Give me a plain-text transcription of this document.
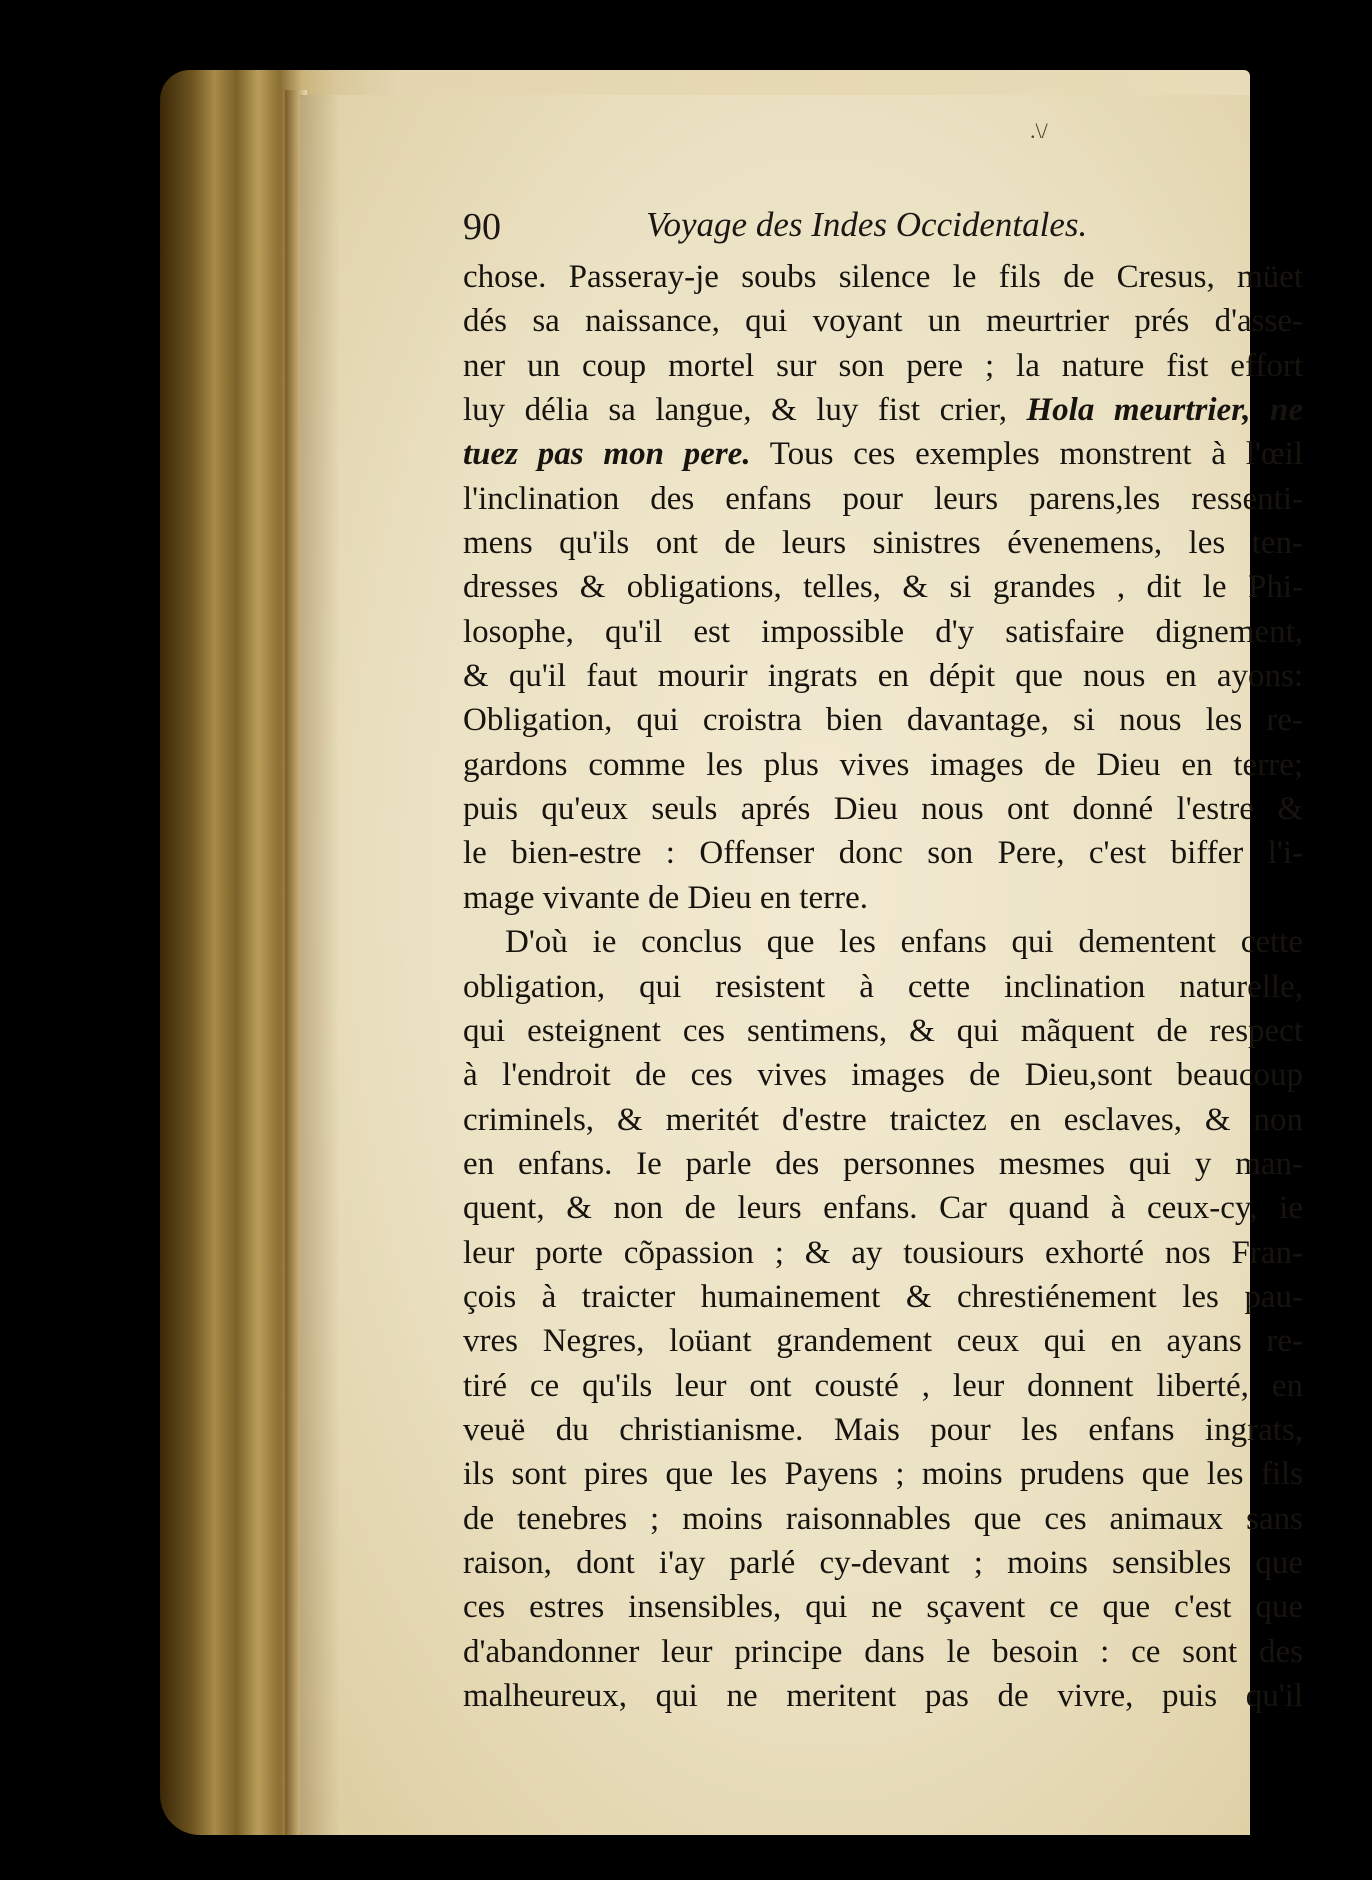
.\/
90	Voyage des Indes Occidentales.
chose. Passeray-je soubs silence le fils de Cresus, müet
dés sa naissance, qui voyant un meurtrier prés d'asse-
ner un coup mortel sur son pere ; la nature fist effort
luy délia sa langue, & luy fist crier, Hola meurtrier, ne
tuez pas mon pere. Tous ces exemples monstrent à l'œil
l'inclination des enfans pour leurs parens,les ressenti-
mens qu'ils ont de leurs sinistres évenemens, les ten-
dresses & obligations, telles, & si grandes , dit le Phi-
losophe, qu'il est impossible d'y satisfaire dignement,
& qu'il faut mourir ingrats en dépit que nous en ayons:
Obligation, qui croistra bien davantage, si nous les re-
gardons comme les plus vives images de Dieu en terre;
puis qu'eux seuls aprés Dieu nous ont donné l'estre &
le bien-estre : Offenser donc son Pere, c'est biffer l'i-
mage vivante de Dieu en terre.
D'où ie conclus que les enfans qui dementent cette
obligation, qui resistent à cette inclination naturelle,
qui esteignent ces sentimens, & qui mãquent de respect
à l'endroit de ces vives images de Dieu,sont beaucoup
criminels, & meritét d'estre traictez en esclaves, & non
en enfans. Ie parle des personnes mesmes qui y man-
quent, & non de leurs enfans. Car quand à ceux-cy, ie
leur porte cõpassion ; & ay tousiours exhorté nos Fran-
çois à traicter humainement & chrestiénement les pau-
vres Negres, loüant grandement ceux qui en ayans re-
tiré ce qu'ils leur ont cousté , leur donnent liberté, en
veuë du christianisme. Mais pour les enfans ingrats,
ils sont pires que les Payens ; moins prudens que les fils
de tenebres ; moins raisonnables que ces animaux sans
raison, dont i'ay parlé cy-devant ; moins sensibles que
ces estres insensibles, qui ne sçavent ce que c'est que
d'abandonner leur principe dans le besoin : ce sont des
malheureux, qui ne meritent pas de vivre, puis qu'il
